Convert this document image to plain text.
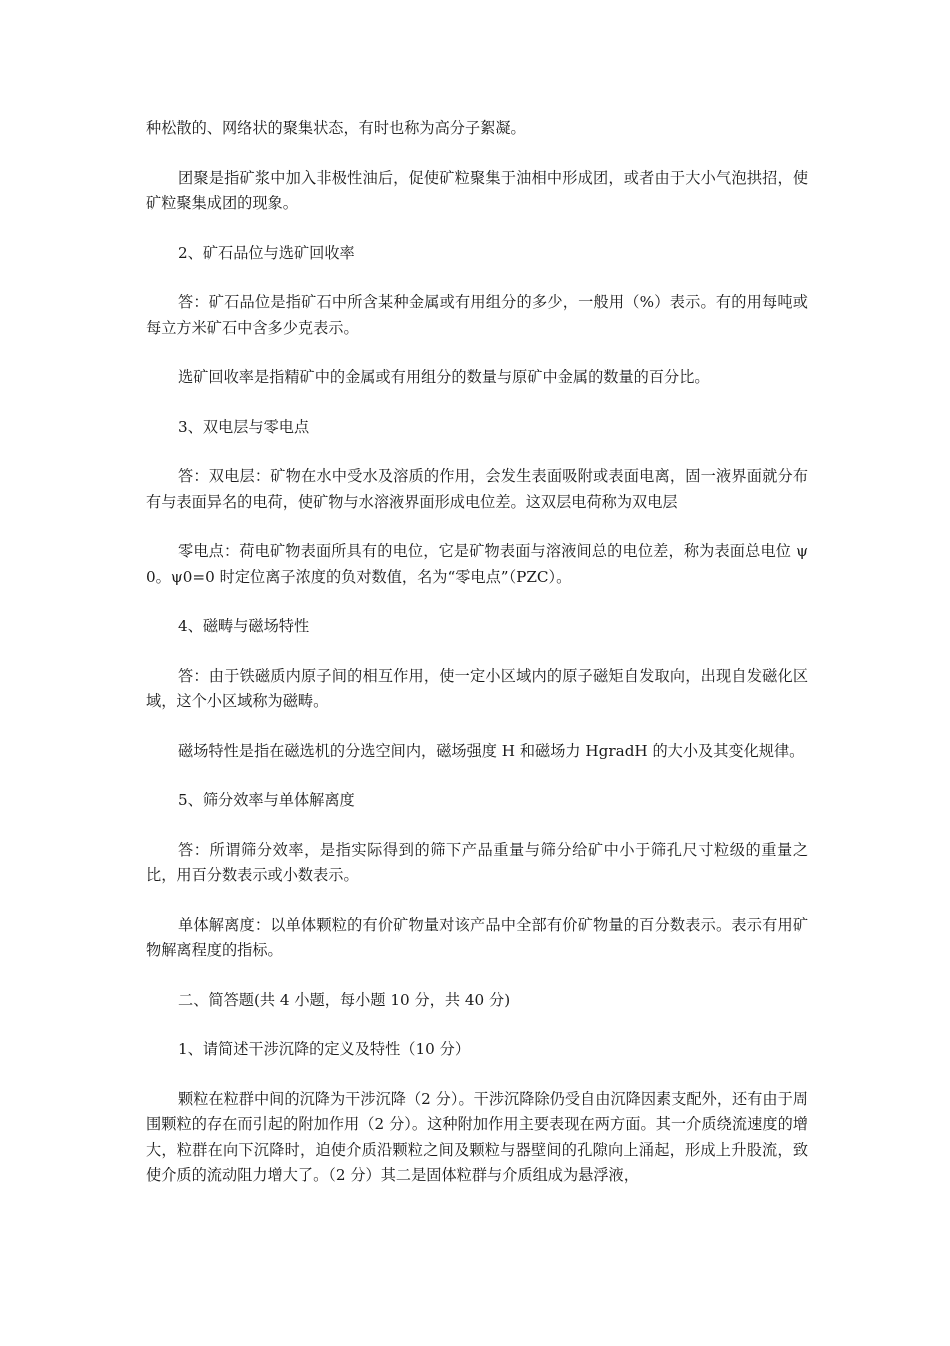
种松散的、网络状的聚集状态，有时也称为高分子絮凝。

团聚是指矿浆中加入非极性油后，促使矿粒聚集于油相中形成团，或者由于大小气泡拱招，使矿粒聚集成团的现象。

2、矿石品位与选矿回收率

答：矿石品位是指矿石中所含某种金属或有用组分的多少，一般用（%）表示。有的用每吨或每立方米矿石中含多少克表示。

选矿回收率是指精矿中的金属或有用组分的数量与原矿中金属的数量的百分比。

3、双电层与零电点

答：双电层：矿物在水中受水及溶质的作用，会发生表面吸附或表面电离，固一液界面就分布有与表面异名的电荷，使矿物与水溶液界面形成电位差。这双层电荷称为双电层

零电点：荷电矿物表面所具有的电位，它是矿物表面与溶液间总的电位差，称为表面总电位 ψ0。ψ0=0 时定位离子浓度的负对数值，名为“零电点”（PZC）。

4、磁畴与磁场特性

答：由于铁磁质内原子间的相互作用，使一定小区域内的原子磁矩自发取向，出现自发磁化区域，这个小区域称为磁畴。

磁场特性是指在磁选机的分选空间内，磁场强度 H 和磁场力 HgradH 的大小及其变化规律。

5、筛分效率与单体解离度

答：所谓筛分效率，是指实际得到的筛下产品重量与筛分给矿中小于筛孔尺寸粒级的重量之比，用百分数表示或小数表示。

单体解离度：以单体颗粒的有价矿物量对该产品中全部有价矿物量的百分数表示。表示有用矿物解离程度的指标。

二、简答题(共 4 小题，每小题 10 分，共 40 分)

1、请简述干涉沉降的定义及特性（10 分）

颗粒在粒群中间的沉降为干涉沉降（2 分）。干涉沉降除仍受自由沉降因素支配外，还有由于周围颗粒的存在而引起的附加作用（2 分）。这种附加作用主要表现在两方面。其一介质绕流速度的增大，粒群在向下沉降时，迫使介质沿颗粒之间及颗粒与器壁间的孔隙向上涌起，形成上升股流，致使介质的流动阻力增大了。（2 分）其二是固体粒群与介质组成为悬浮液，
